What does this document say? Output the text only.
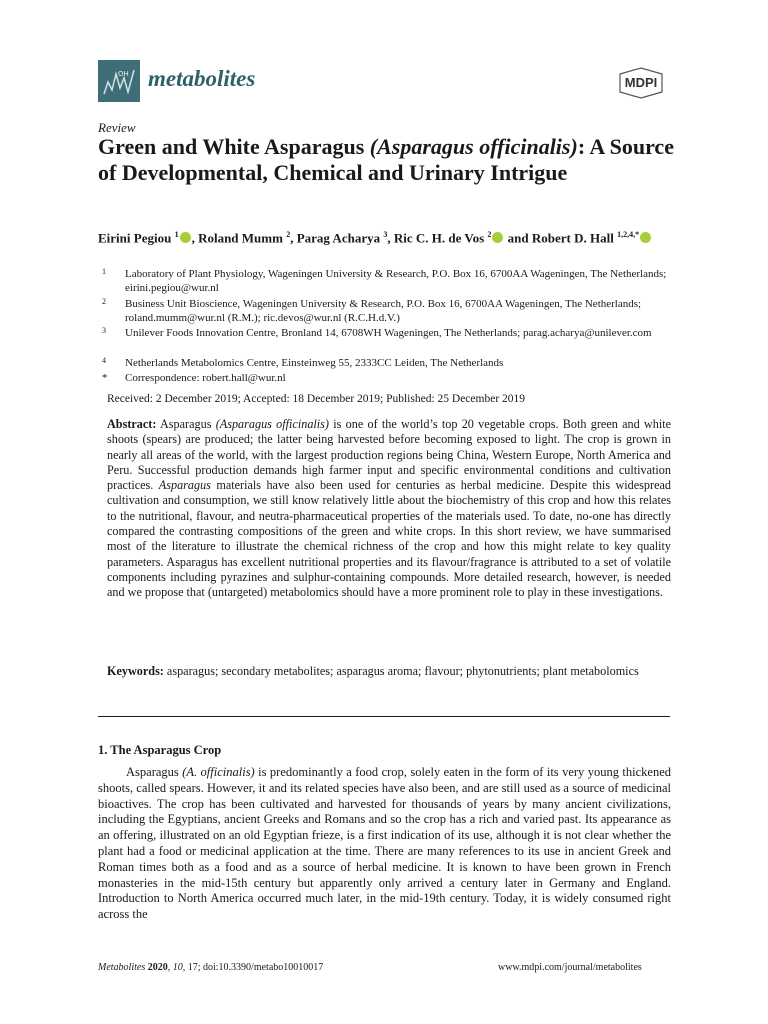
OH metabolites	MDPI
Review
Green and White Asparagus (Asparagus officinalis): A Source of Developmental, Chemical and Urinary Intrigue
Eirini Pegiou $^1$ , Roland Mumm $^2$, Parag Acharya $^3$, Ric C. H. de Vos $^2$ and Robert D. Hall $^{1,2,4,*}$
1 Laboratory of Plant Physiology, Wageningen University & Research, P.O. Box 16, 6700AA Wageningen, The Netherlands; eirini.pegiou@wur.nl
2 Business Unit Bioscience, Wageningen University & Research, P.O. Box 16, 6700AA Wageningen, The Netherlands; roland.mumm@wur.nl (R.M.); ric.devos@wur.nl (R.C.H.d.V.)
3 Unilever Foods Innovation Centre, Bronland 14, 6708WH Wageningen, The Netherlands; parag.acharya@unilever.com
4 Netherlands Metabolomics Centre, Einsteinweg 55, 2333CC Leiden, The Netherlands
* Correspondence: robert.hall@wur.nl
Received: 2 December 2019; Accepted: 18 December 2019; Published: 25 December 2019
Abstract: Asparagus (Asparagus officinalis) is one of the world’s top 20 vegetable crops. Both green and white shoots (spears) are produced; the latter being harvested before becoming exposed to light. The crop is grown in nearly all areas of the world, with the largest production regions being China, Western Europe, North America and Peru. Successful production demands high farmer input and specific environmental conditions and cultivation practices. Asparagus materials have also been used for centuries as herbal medicine. Despite this widespread cultivation and consumption, we still know relatively little about the biochemistry of this crop and how this relates to the nutritional, flavour, and neutra-pharmaceutical properties of the materials used. To date, no-one has directly compared the contrasting compositions of the green and white crops. In this short review, we have summarised most of the literature to illustrate the chemical richness of the crop and how this might relate to key quality parameters. Asparagus has excellent nutritional properties and its flavour/fragrance is attributed to a set of volatile components including pyrazines and sulphur-containing compounds. More detailed research, however, is needed and we propose that (untargeted) metabolomics should have a more prominent role to play in these investigations.
Keywords: asparagus; secondary metabolites; asparagus aroma; flavour; phytonutrients; plant metabolomics
1. The Asparagus Crop
Asparagus (A. officinalis) is predominantly a food crop, solely eaten in the form of its very young thickened shoots, called spears. However, it and its related species have also been, and are still used as a source of medicinal bioactives. The crop has been cultivated and harvested for thousands of years by many ancient civilizations, including the Egyptians, ancient Greeks and Romans and so the crop has a rich and varied past. Its appearance as an offering, illustrated on an old Egyptian frieze, is a first indication of its use, although it is not clear whether the plant had a food or medicinal application at the time. There are many references to its use in ancient Greek and Roman times both as a food and as a source of herbal medicine. It is known to have been grown in French monasteries in the mid-15th century but apparently only arrived a century later in Germany and England. Introduction to North America occurred much later, in the mid-19th century. Today, it is widely consumed right across the
Metabolites 2020, 10, 17; doi:10.3390/metabo10010017	www.mdpi.com/journal/metabolites
